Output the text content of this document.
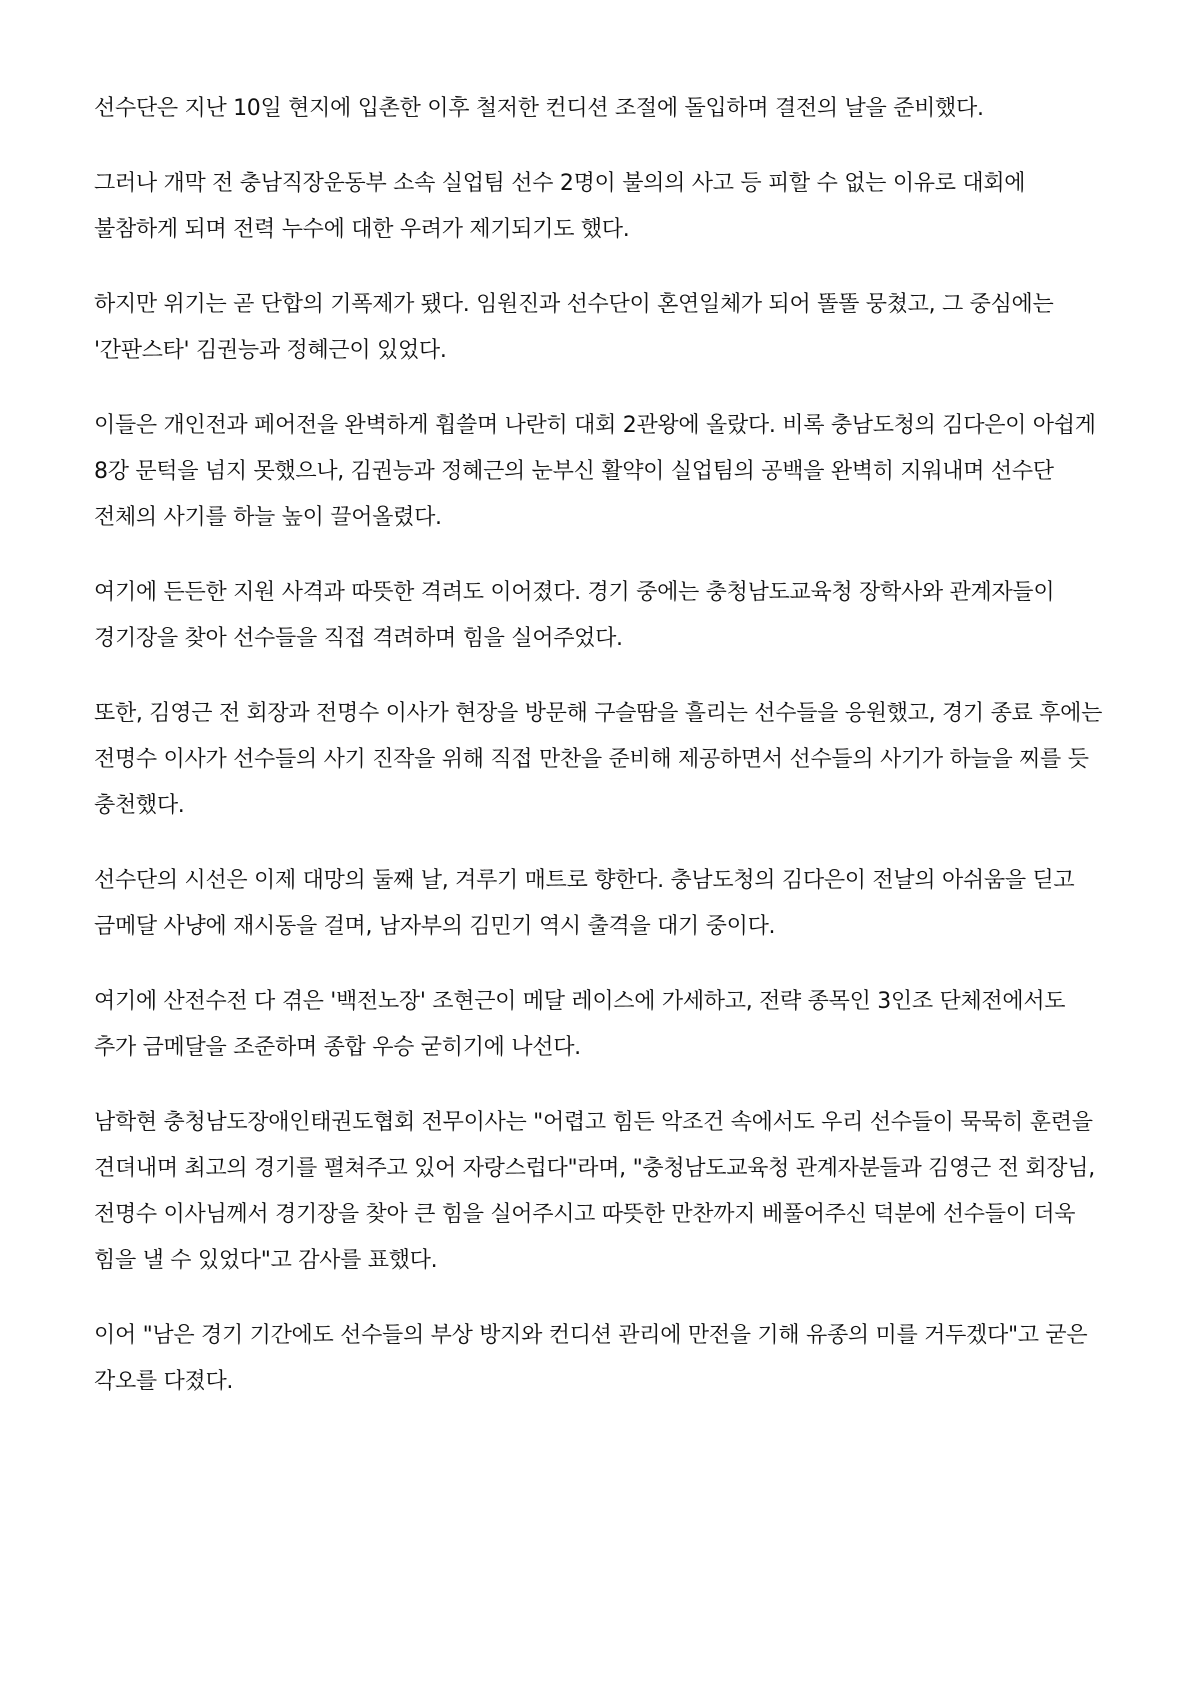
선수단은 지난 10일 현지에 입촌한 이후 철저한 컨디션 조절에 돌입하며 결전의 날을 준비했다.

그러나 개막 전 충남직장운동부 소속 실업팀 선수 2명이 불의의 사고 등 피할 수 없는 이유로 대회에 불참하게 되며 전력 누수에 대한 우려가 제기되기도 했다.

하지만 위기는 곧 단합의 기폭제가 됐다. 임원진과 선수단이 혼연일체가 되어 똘똘 뭉쳤고, 그 중심에는 '간판스타' 김권능과 정혜근이 있었다.

이들은 개인전과 페어전을 완벽하게 휩쓸며 나란히 대회 2관왕에 올랐다. 비록 충남도청의 김다은이 아쉽게 8강 문턱을 넘지 못했으나, 김권능과 정혜근의 눈부신 활약이 실업팀의 공백을 완벽히 지워내며 선수단 전체의 사기를 하늘 높이 끌어올렸다.

여기에 든든한 지원 사격과 따뜻한 격려도 이어졌다. 경기 중에는 충청남도교육청 장학사와 관계자들이 경기장을 찾아 선수들을 직접 격려하며 힘을 실어주었다.

또한, 김영근 전 회장과 전명수 이사가 현장을 방문해 구슬땀을 흘리는 선수들을 응원했고, 경기 종료 후에는 전명수 이사가 선수들의 사기 진작을 위해 직접 만찬을 준비해 제공하면서 선수들의 사기가 하늘을 찌를 듯 충천했다.

선수단의 시선은 이제 대망의 둘째 날, 겨루기 매트로 향한다. 충남도청의 김다은이 전날의 아쉬움을 딛고 금메달 사냥에 재시동을 걸며, 남자부의 김민기 역시 출격을 대기 중이다.

여기에 산전수전 다 겪은 '백전노장' 조현근이 메달 레이스에 가세하고, 전략 종목인 3인조 단체전에서도 추가 금메달을 조준하며 종합 우승 굳히기에 나선다.

남학현 충청남도장애인태권도협회 전무이사는 "어렵고 힘든 악조건 속에서도 우리 선수들이 묵묵히 훈련을 견뎌내며 최고의 경기를 펼쳐주고 있어 자랑스럽다"라며, "충청남도교육청 관계자분들과 김영근 전 회장님, 전명수 이사님께서 경기장을 찾아 큰 힘을 실어주시고 따뜻한 만찬까지 베풀어주신 덕분에 선수들이 더욱 힘을 낼 수 있었다"고 감사를 표했다.

이어 "남은 경기 기간에도 선수들의 부상 방지와 컨디션 관리에 만전을 기해 유종의 미를 거두겠다"고 굳은 각오를 다졌다.
